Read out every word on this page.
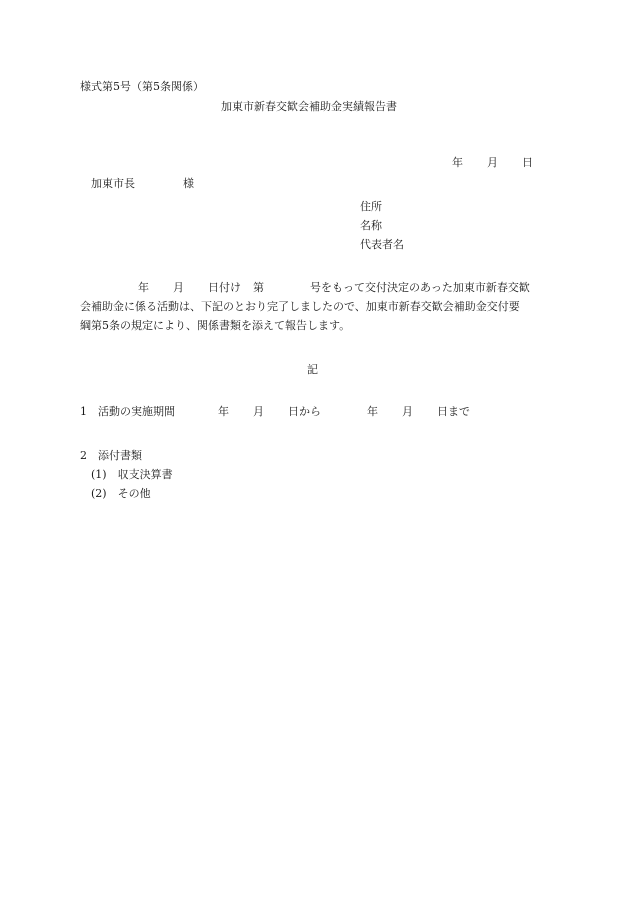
様式第5号（第5条関係）
加東市新春交歓会補助金実績報告書
年 月 日
加東市長	様
住所
名称
代表者名
年 月 日付け 第	号をもって交付決定のあった加東市新春交歓
会補助金に係る活動は、下記のとおり完了しましたので、加東市新春交歓会補助金交付要
綱第5条の規定により、関係書類を添えて報告します。
記
1　活動の実施期間	年 月 日から	年 月 日まで
2　添付書類
(1)　収支決算書
(2)　その他
